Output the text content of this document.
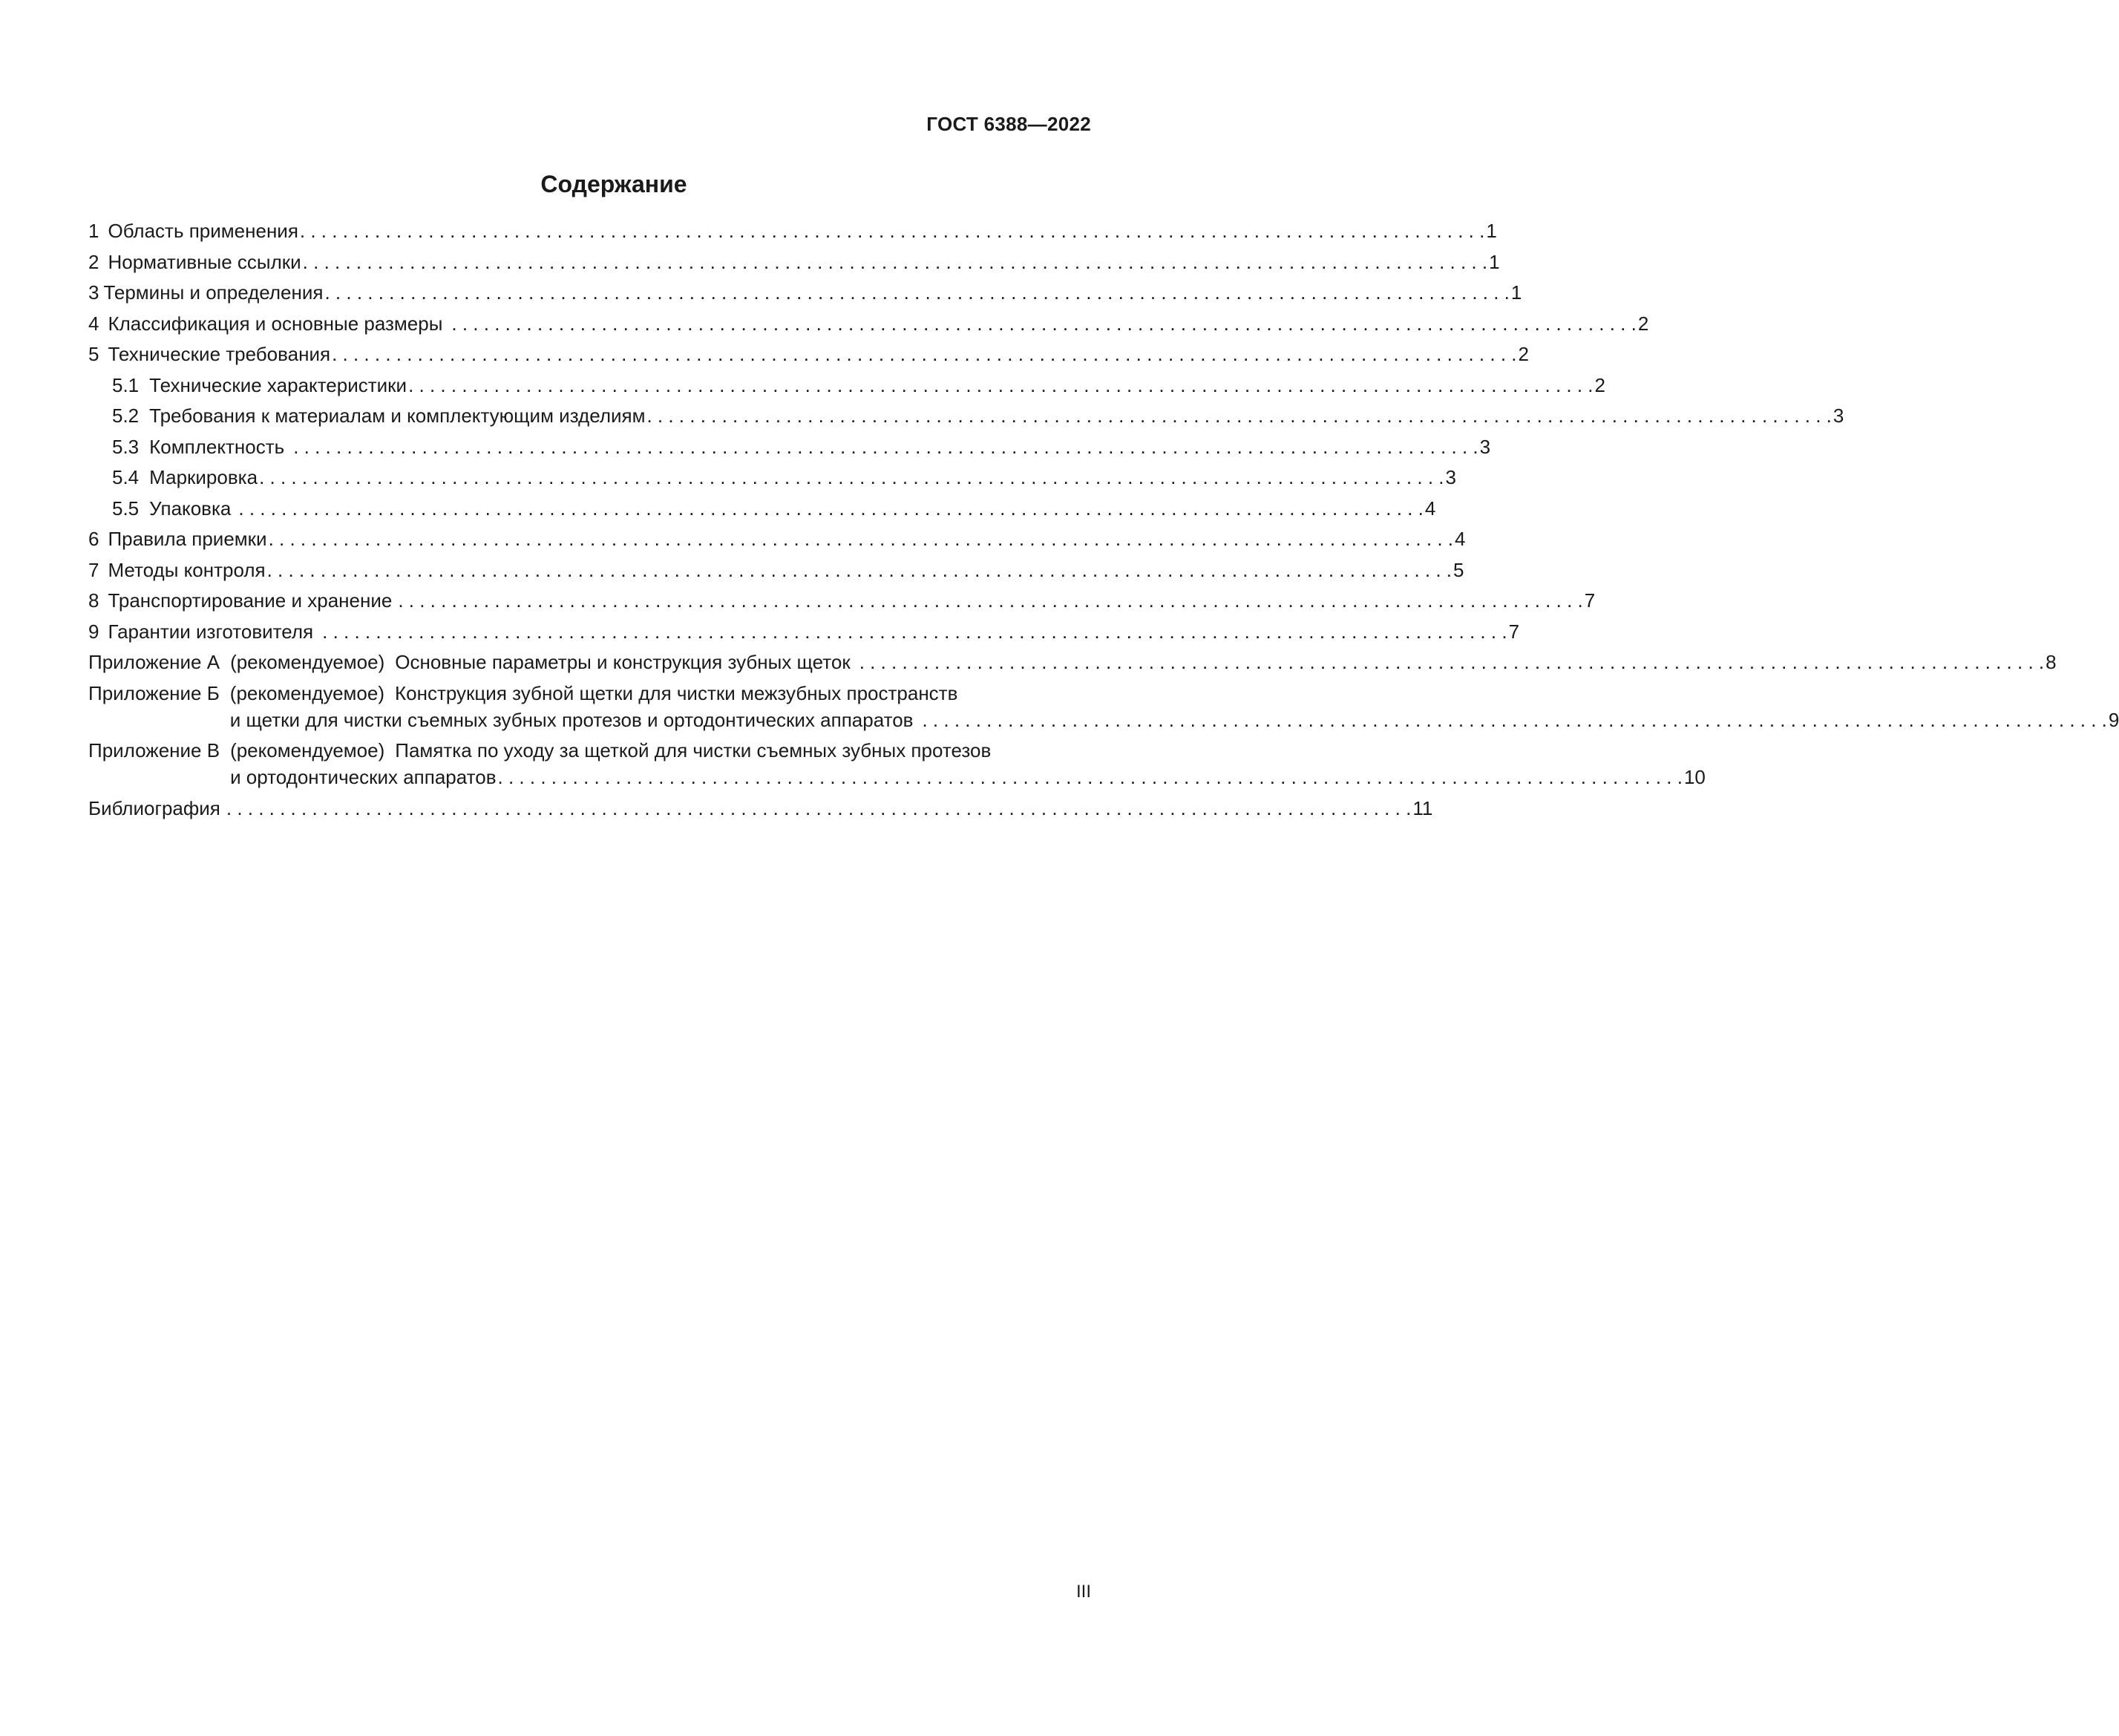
ГОСТ 6388—2022
Содержание
1 Область применения . . .	1
2 Нормативные ссылки . . .	1
3 Термины и определения . . .	1
4 Классификация и основные размеры . . .	2
5 Технические требования . . .	2
5.1 Технические характеристики . . .	2
5.2 Требования к материалам и комплектующим изделиям . . .	3
5.3 Комплектность . . .	3
5.4 Маркировка . . .	3
5.5 Упаковка . . .	4
6 Правила приемки . . .	4
7 Методы контроля . . .	5
8 Транспортирование и хранение . . .	7
9 Гарантии изготовителя . . .	7
Приложение А (рекомендуемое) Основные параметры и конструкция зубных щеток . . .	8
Приложение Б (рекомендуемое) Конструкция зубной щетки для чистки межзубных пространств
и щетки для чистки съемных зубных протезов и ортодонтических аппаратов . . .	9
Приложение В (рекомендуемое) Памятка по уходу за щеткой для чистки съемных зубных протезов
и ортодонтических аппаратов . . .	10
Библиография . . .	11
III
